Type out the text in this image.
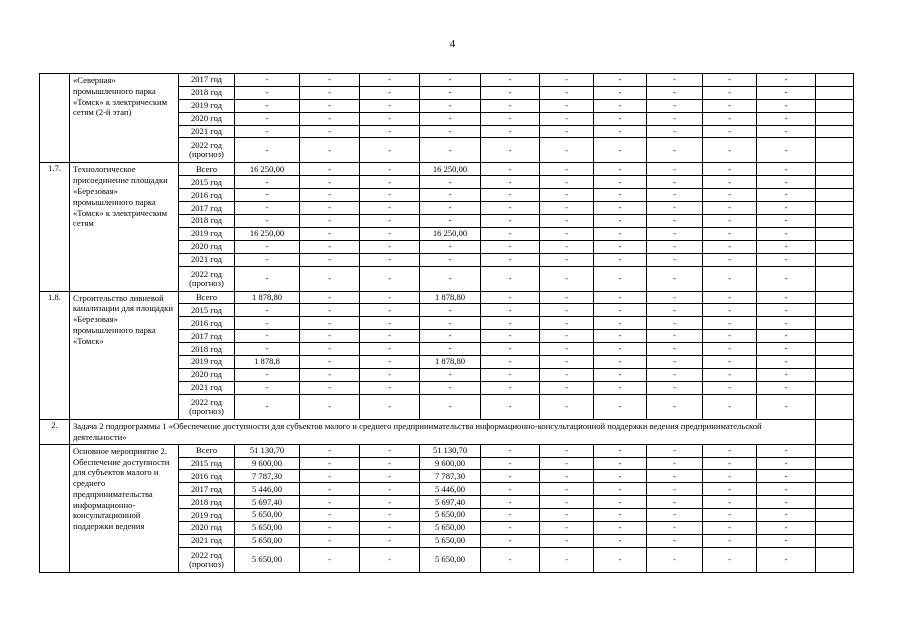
4
	«Северная» промышленного парка «Томск» к электрическим сетям (2-й этап)	2017 год	-	-	-	-	-	-	-	-	-	-	
		2018 год	-	-	-	-	-	-	-	-	-	-	
		2019 год	-	-	-	-	-	-	-	-	-	-	
		2020 год	-	-	-	-	-	-	-	-	-	-	
		2021 год	-	-	-	-	-	-	-	-	-	-	
		2022 год (прогноз)	-	-	-	-	-	-	-	-	-	-	
1.7.	Технологическое присоединение площадки «Березовая» промышленного парка «Томск» к электрическим сетям	Всего	16 250,00	-	-	16 250,00	-	-	-	-	-	-	
		2015 год	-	-	-	-	-	-	-	-	-	-	
		2016 год	-	-	-	-	-	-	-	-	-	-	
		2017 год	-	-	-	-	-	-	-	-	-	-	
		2018 год	-	-	-	-	-	-	-	-	-	-	
		2019 год	16 250,00	-	-	16 250,00	-	-	-	-	-	-	
		2020 год	-	-	-	-	-	-	-	-	-	-	
		2021 год	-	-	-	-	-	-	-	-	-	-	
		2022 год (прогноз)	-	-	-	-	-	-	-	-	-	-	
1.8.	Строительство ливневой канализации для площадки «Березовая» промышленного парка «Томск»	Всего	1 878,80	-	-	1 878,80	-	-	-	-	-	-	
		2015 год	-	-	-	-	-	-	-	-	-	-	
		2016 год	-	-	-	-	-	-	-	-	-	-	
		2017 год	-	-	-	-	-	-	-	-	-	-	
		2018 год	-	-	-	-	-	-	-	-	-	-	
		2019 год	1 878,8	-	-	1 878,80	-	-	-	-	-	-	
		2020 год	-	-	-	-	-	-	-	-	-	-	
		2021 год	-	-	-	-	-	-	-	-	-	-	
		2022 год (прогноз)	-	-	-	-	-	-	-	-	-	-	
2.	Задача 2 подпрограммы 1 «Обеспечение доступности для субъектов малого и среднего предпринимательства информационно-консультационной поддержки ведения предпринимательской деятельности»												
	Основное мероприятие 2. Обеспечение доступности для субъектов малого и среднего предпринимательства информационно-консультационной поддержки ведения	Всего	51 130,70	-	-	51 130,70	-	-	-	-	-	-	
		2015 год	9 600,00	-	-	9 600,00	-	-	-	-	-	-	
		2016 год	7 787,30	-	-	7 787,30	-	-	-	-	-	-	
		2017 год	5 446,00	-	-	5 446,00	-	-	-	-	-	-	
		2018 год	5 697,40	-	-	5 697,40	-	-	-	-	-	-	
		2019 год	5 650,00	-	-	5 650,00	-	-	-	-	-	-	
		2020 год	5 650,00	-	-	5 650,00	-	-	-	-	-	-	
		2021 год	5 650,00	-	-	5 650,00	-	-	-	-	-	-	
		2022 год (прогноз)	5 650,00	-	-	5 650,00	-	-	-	-	-	-	
